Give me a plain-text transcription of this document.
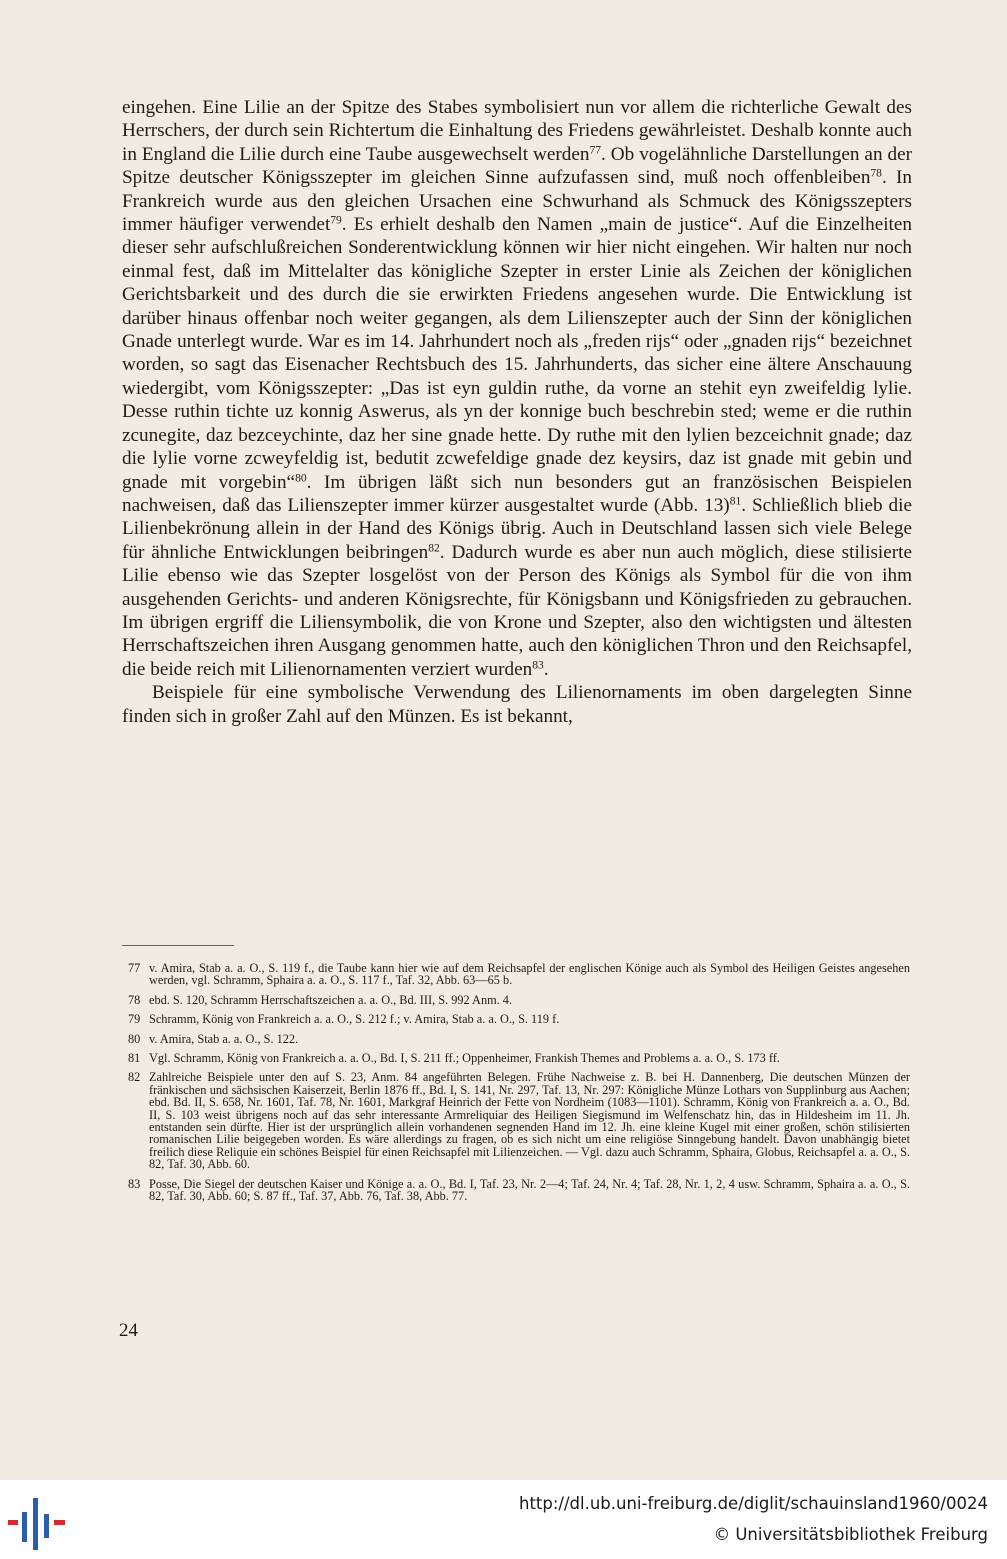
eingehen. Eine Lilie an der Spitze des Stabes symbolisiert nun vor allem die richterliche Gewalt des Herrschers, der durch sein Richtertum die Einhaltung des Friedens gewährleistet. Deshalb konnte auch in England die Lilie durch eine Taube ausgewechselt werden$^{77}$. Ob vogelähnliche Darstellungen an der Spitze deutscher Königsszepter im gleichen Sinne aufzufassen sind, muß noch offenbleiben$^{78}$. In Frankreich wurde aus den gleichen Ursachen eine Schwurhand als Schmuck des Königsszepters immer häufiger verwendet$^{79}$. Es erhielt deshalb den Namen „main de justice“. Auf die Einzelheiten dieser sehr aufschlußreichen Sonderentwicklung können wir hier nicht eingehen. Wir halten nur noch einmal fest, daß im Mittelalter das königliche Szepter in erster Linie als Zeichen der königlichen Gerichtsbarkeit und des durch die sie erwirkten Friedens angesehen wurde. Die Entwicklung ist darüber hinaus offenbar noch weiter gegangen, als dem Lilienszepter auch der Sinn der königlichen Gnade unterlegt wurde. War es im 14. Jahrhundert noch als „freden rijs“ oder „gnaden rijs“ bezeichnet worden, so sagt das Eisenacher Rechtsbuch des 15. Jahrhunderts, das sicher eine ältere Anschauung wiedergibt, vom Königsszepter: „Das ist eyn guldin ruthe, da vorne an stehit eyn zweifeldig lylie. Desse ruthin tichte uz konnig Aswerus, als yn der konnige buch beschrebin sted; weme er die ruthin zcunegite, daz bezceychinte, daz her sine gnade hette. Dy ruthe mit den lylien bezceichnit gnade; daz die lylie vorne zcweyfeldig ist, bedutit zcwefeldige gnade dez keysirs, daz ist gnade mit gebin und gnade mit vorgebin“$^{80}$. Im übrigen läßt sich nun besonders gut an französischen Beispielen nachweisen, daß das Lilienszepter immer kürzer ausgestaltet wurde (Abb. 13)$^{81}$. Schließlich blieb die Lilienbekrönung allein in der Hand des Königs übrig. Auch in Deutschland lassen sich viele Belege für ähnliche Entwicklungen beibringen$^{82}$. Dadurch wurde es aber nun auch möglich, diese stilisierte Lilie ebenso wie das Szepter losgelöst von der Person des Königs als Symbol für die von ihm ausgehenden Gerichts- und anderen Königsrechte, für Königsbann und Königsfrieden zu gebrauchen. Im übrigen ergriff die Liliensymbolik, die von Krone und Szepter, also den wichtigsten und ältesten Herrschaftszeichen ihren Ausgang genommen hatte, auch den königlichen Thron und den Reichsapfel, die beide reich mit Lilienornamenten verziert wurden$^{83}$.

Beispiele für eine symbolische Verwendung des Lilienornaments im oben dargelegten Sinne finden sich in großer Zahl auf den Münzen. Es ist bekannt,

77 v. Amira, Stab a. a. O., S. 119 f., die Taube kann hier wie auf dem Reichsapfel der englischen Könige auch als Symbol des Heiligen Geistes angesehen werden, vgl. Schramm, Sphaira a. a. O., S. 117 f., Taf. 32, Abb. 63—65 b.
78 ebd. S. 120, Schramm Herrschaftszeichen a. a. O., Bd. III, S. 992 Anm. 4.
79 Schramm, König von Frankreich a. a. O., S. 212 f.; v. Amira, Stab a. a. O., S. 119 f.
80 v. Amira, Stab a. a. O., S. 122.
81 Vgl. Schramm, König von Frankreich a. a. O., Bd. I, S. 211 ff.; Oppenheimer, Frankish Themes and Problems a. a. O., S. 173 ff.
82 Zahlreiche Beispiele unter den auf S. 23, Anm. 84 angeführten Belegen. Frühe Nachweise z. B. bei H. Dannenberg, Die deutschen Münzen der fränkischen und sächsischen Kaiserzeit, Berlin 1876 ff., Bd. I, S. 141, Nr. 297, Taf. 13, Nr. 297: Königliche Münze Lothars von Supplinburg aus Aachen; ebd. Bd. II, S. 658, Nr. 1601, Taf. 78, Nr. 1601, Markgraf Heinrich der Fette von Nordheim (1083—1101). Schramm, König von Frankreich a. a. O., Bd. II, S. 103 weist übrigens noch auf das sehr interessante Armreliquiar des Heiligen Siegismund im Welfenschatz hin, das in Hildesheim im 11. Jh. entstanden sein dürfte. Hier ist der ursprünglich allein vorhandenen segnenden Hand im 12. Jh. eine kleine Kugel mit einer großen, schön stilisierten romanischen Lilie beigegeben worden. Es wäre allerdings zu fragen, ob es sich nicht um eine religiöse Sinngebung handelt. Davon unabhängig bietet freilich diese Reliquie ein schönes Beispiel für einen Reichsapfel mit Lilienzeichen. — Vgl. dazu auch Schramm, Sphaira, Globus, Reichsapfel a. a. O., S. 82, Taf. 30, Abb. 60.
83 Posse, Die Siegel der deutschen Kaiser und Könige a. a. O., Bd. I, Taf. 23, Nr. 2—4; Taf. 24, Nr. 4; Taf. 28, Nr. 1, 2, 4 usw. Schramm, Sphaira a. a. O., S. 82, Taf. 30, Abb. 60; S. 87 ff., Taf. 37, Abb. 76, Taf. 38, Abb. 77.
24
http://dl.ub.uni-freiburg.de/diglit/schauinsland1960/0024
© Universitätsbibliothek Freiburg
